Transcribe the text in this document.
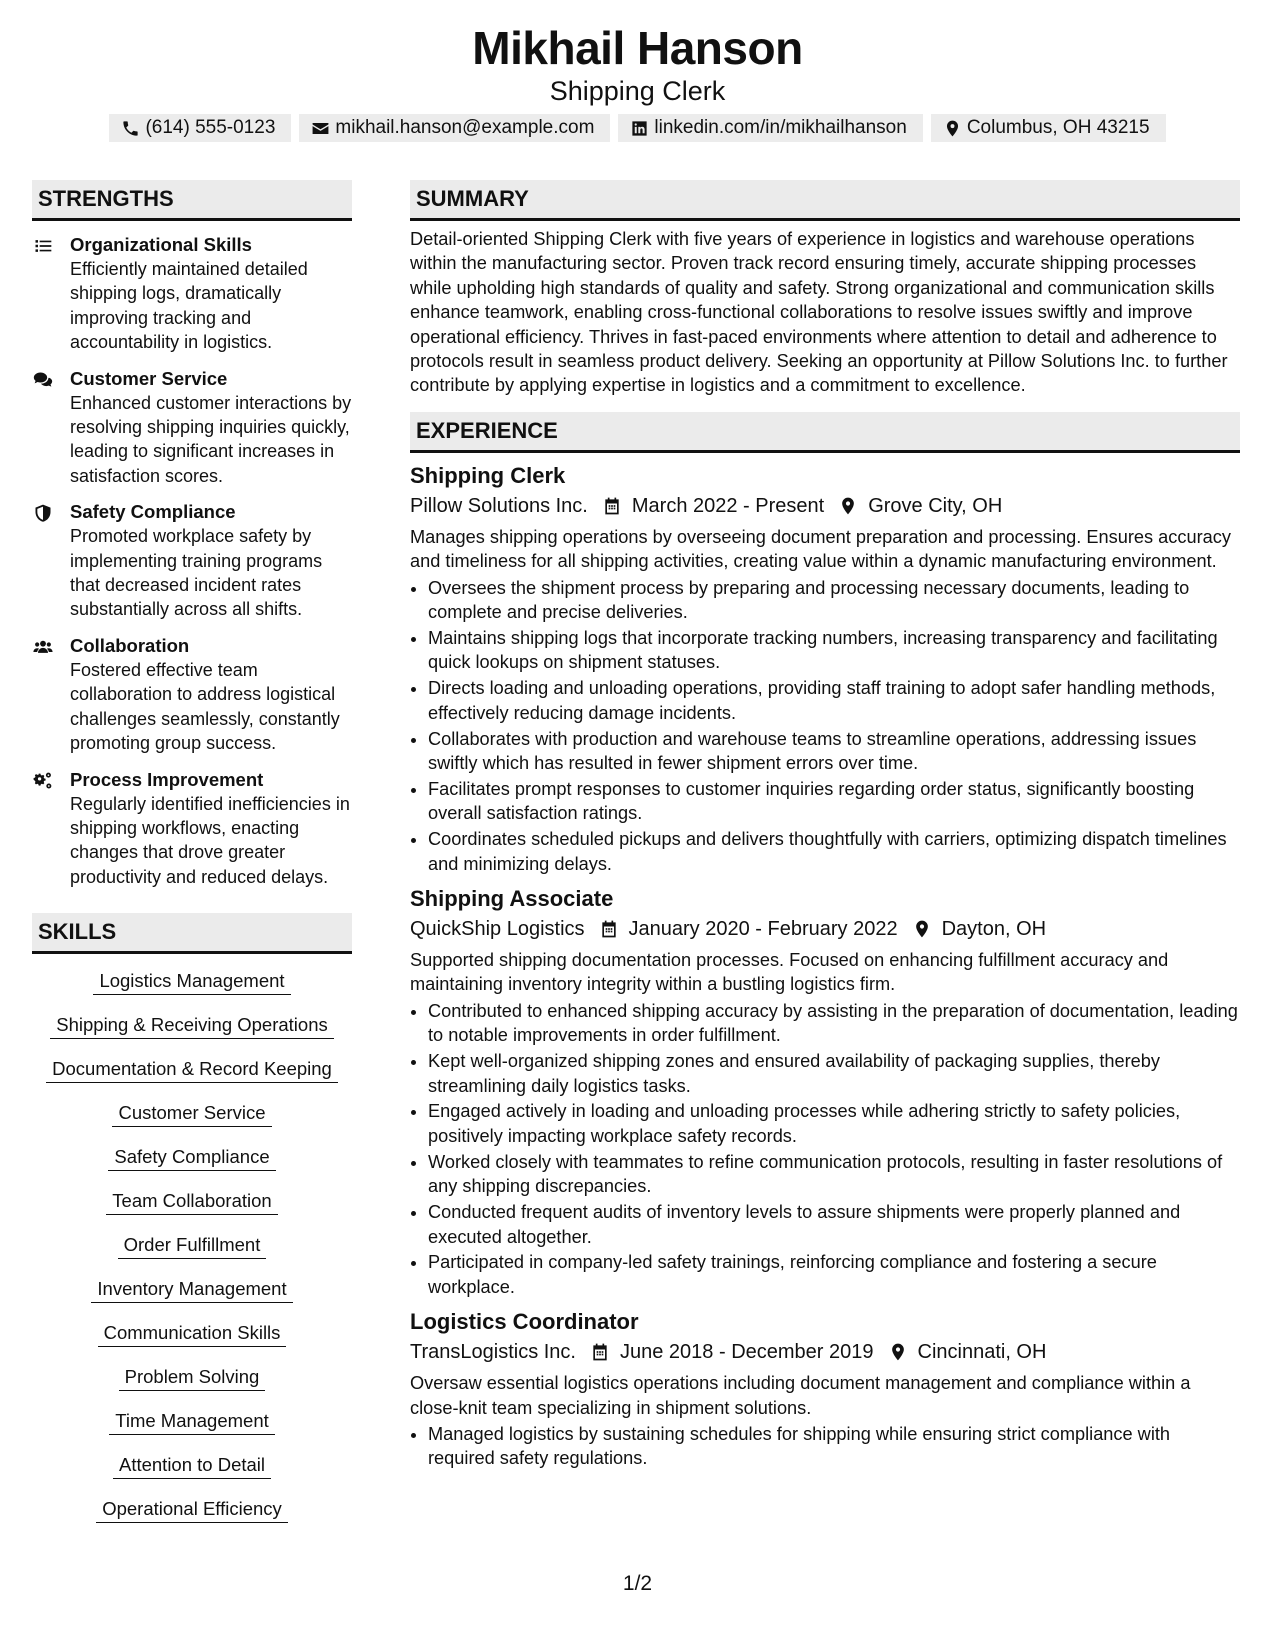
Mikhail Hanson
Shipping Clerk
(614) 555-0123	mikhail.hanson@example.com	linkedin.com/in/mikhailhanson	Columbus, OH 43215
STRENGTHS
Organizational Skills
Efficiently maintained detailed shipping logs, dramatically improving tracking and accountability in logistics.
Customer Service
Enhanced customer interactions by resolving shipping inquiries quickly, leading to significant increases in satisfaction scores.
Safety Compliance
Promoted workplace safety by implementing training programs that decreased incident rates substantially across all shifts.
Collaboration
Fostered effective team collaboration to address logistical challenges seamlessly, constantly promoting group success.
Process Improvement
Regularly identified inefficiencies in shipping workflows, enacting changes that drove greater productivity and reduced delays.
SKILLS
Logistics Management
Shipping & Receiving Operations
Documentation & Record Keeping
Customer Service
Safety Compliance
Team Collaboration
Order Fulfillment
Inventory Management
Communication Skills
Problem Solving
Time Management
Attention to Detail
Operational Efficiency
SUMMARY
Detail-oriented Shipping Clerk with five years of experience in logistics and warehouse operations within the manufacturing sector. Proven track record ensuring timely, accurate shipping processes while upholding high standards of quality and safety. Strong organizational and communication skills enhance teamwork, enabling cross-functional collaborations to resolve issues swiftly and improve operational efficiency. Thrives in fast-paced environments where attention to detail and adherence to protocols result in seamless product delivery. Seeking an opportunity at Pillow Solutions Inc. to further contribute by applying expertise in logistics and a commitment to excellence.
EXPERIENCE
Shipping Clerk
Pillow Solutions Inc. March 2022 - Present Grove City, OH
Manages shipping operations by overseeing document preparation and processing. Ensures accuracy and timeliness for all shipping activities, creating value within a dynamic manufacturing environment.
• Oversees the shipment process by preparing and processing necessary documents, leading to complete and precise deliveries.
• Maintains shipping logs that incorporate tracking numbers, increasing transparency and facilitating quick lookups on shipment statuses.
• Directs loading and unloading operations, providing staff training to adopt safer handling methods, effectively reducing damage incidents.
• Collaborates with production and warehouse teams to streamline operations, addressing issues swiftly which has resulted in fewer shipment errors over time.
• Facilitates prompt responses to customer inquiries regarding order status, significantly boosting overall satisfaction ratings.
• Coordinates scheduled pickups and delivers thoughtfully with carriers, optimizing dispatch timelines and minimizing delays.
Shipping Associate
QuickShip Logistics January 2020 - February 2022 Dayton, OH
Supported shipping documentation processes. Focused on enhancing fulfillment accuracy and maintaining inventory integrity within a bustling logistics firm.
• Contributed to enhanced shipping accuracy by assisting in the preparation of documentation, leading to notable improvements in order fulfillment.
• Kept well-organized shipping zones and ensured availability of packaging supplies, thereby streamlining daily logistics tasks.
• Engaged actively in loading and unloading processes while adhering strictly to safety policies, positively impacting workplace safety records.
• Worked closely with teammates to refine communication protocols, resulting in faster resolutions of any shipping discrepancies.
• Conducted frequent audits of inventory levels to assure shipments were properly planned and executed altogether.
• Participated in company-led safety trainings, reinforcing compliance and fostering a secure workplace.
Logistics Coordinator
TransLogistics Inc. June 2018 - December 2019 Cincinnati, OH
Oversaw essential logistics operations including document management and compliance within a close-knit team specializing in shipment solutions.
• Managed logistics by sustaining schedules for shipping while ensuring strict compliance with required safety regulations.
1/2
